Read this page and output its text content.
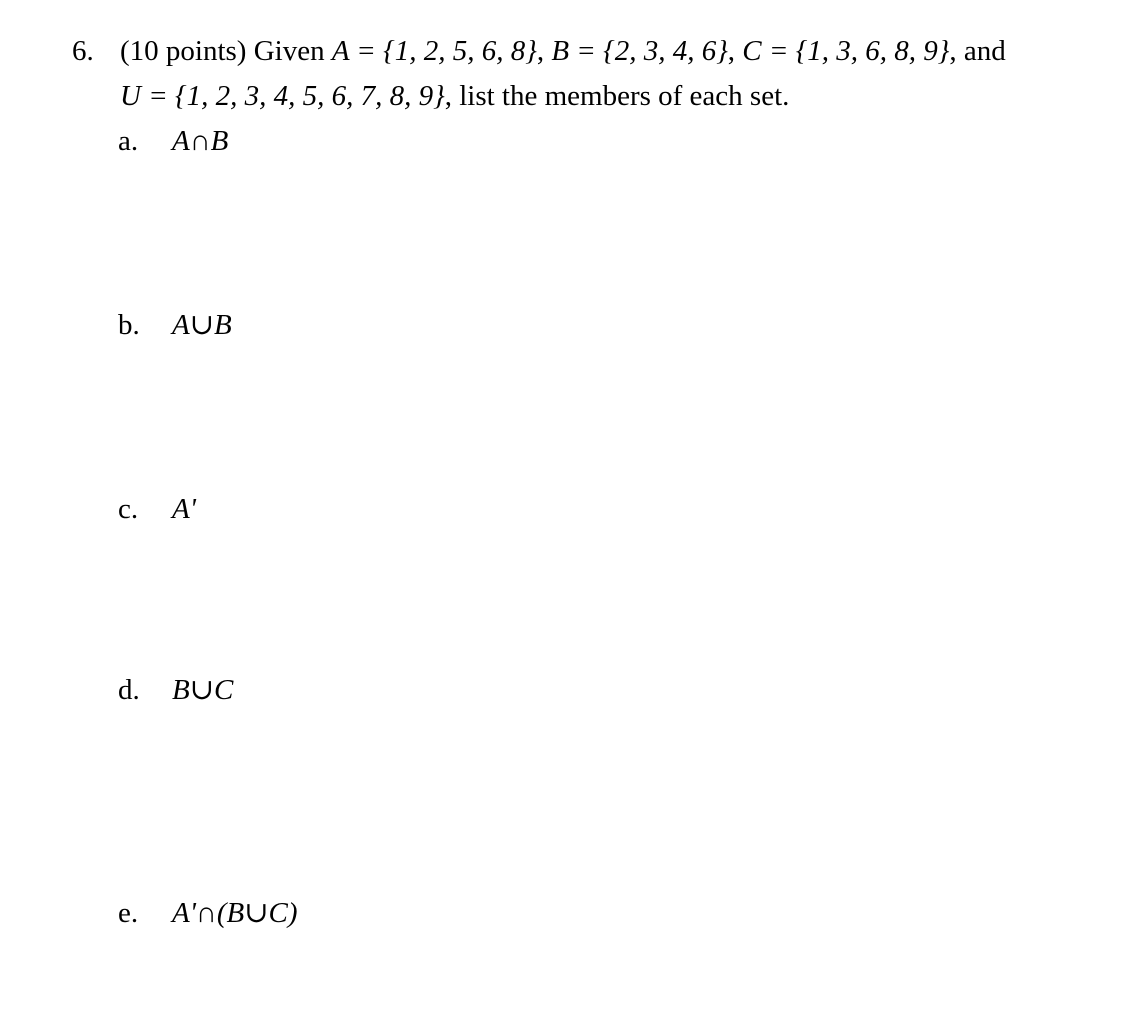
6. (10 points) Given A = {1, 2, 5, 6, 8}, B = {2, 3, 4, 6}, C = {1, 3, 6, 8, 9}, and
U = {1, 2, 3, 4, 5, 6, 7, 8, 9}, list the members of each set.
a. A∩B
b. A∪B
c. A'
d. B∪C
e. A'∩(B∪C)
